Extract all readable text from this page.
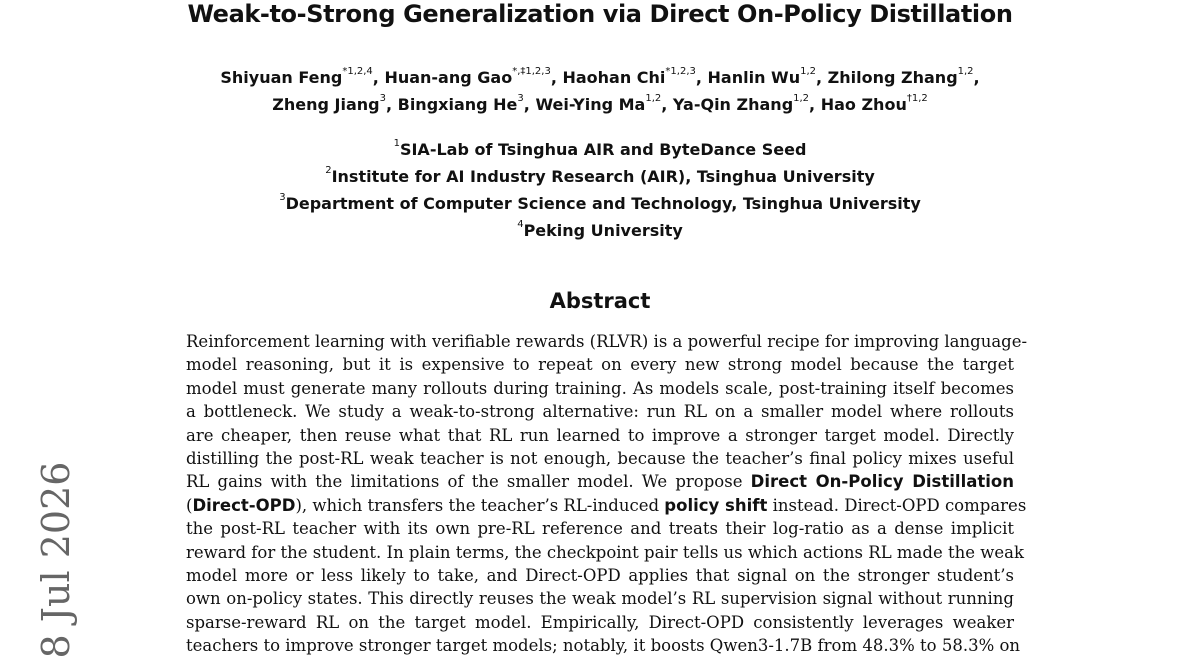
Weak-to-Strong Generalization via Direct On-Policy Distillation
Shiyuan Feng$^{*1,2,4}$, Huan-ang Gao$^{*,\ddagger 1,2,3}$, Haohan Chi$^{*1,2,3}$, Hanlin Wu$^{1,2}$, Zhilong Zhang$^{1,2}$,
Zheng Jiang$^3$, Bingxiang He$^3$, Wei-Ying Ma$^{1,2}$, Ya-Qin Zhang$^{1,2}$, Hao Zhou$^{\dagger 1,2}$
$^1$SIA-Lab of Tsinghua AIR and ByteDance Seed
$^2$Institute for AI Industry Research (AIR), Tsinghua University
$^3$Department of Computer Science and Technology, Tsinghua University
$^4$Peking University
Abstract
Reinforcement learning with verifiable rewards (RLVR) is a powerful recipe for improving language-
model reasoning, but it is expensive to repeat on every new strong model because the target
model must generate many rollouts during training. As models scale, post-training itself becomes
a bottleneck. We study a weak-to-strong alternative: run RL on a smaller model where rollouts
are cheaper, then reuse what that RL run learned to improve a stronger target model. Directly
distilling the post-RL weak teacher is not enough, because the teacher’s final policy mixes useful
RL gains with the limitations of the smaller model. We propose Direct On-Policy Distillation
(Direct-OPD), which transfers the teacher’s RL-induced policy shift instead. Direct-OPD compares
the post-RL teacher with its own pre-RL reference and treats their log-ratio as a dense implicit
reward for the student. In plain terms, the checkpoint pair tells us which actions RL made the weak
model more or less likely to take, and Direct-OPD applies that signal on the stronger student’s
own on-policy states. This directly reuses the weak model’s RL supervision signal without running
sparse-reward RL on the target model. Empirically, Direct-OPD consistently leverages weaker
teachers to improve stronger target models; notably, it boosts Qwen3-1.7B from 48.3% to 58.3% on
8 Jul 2026
